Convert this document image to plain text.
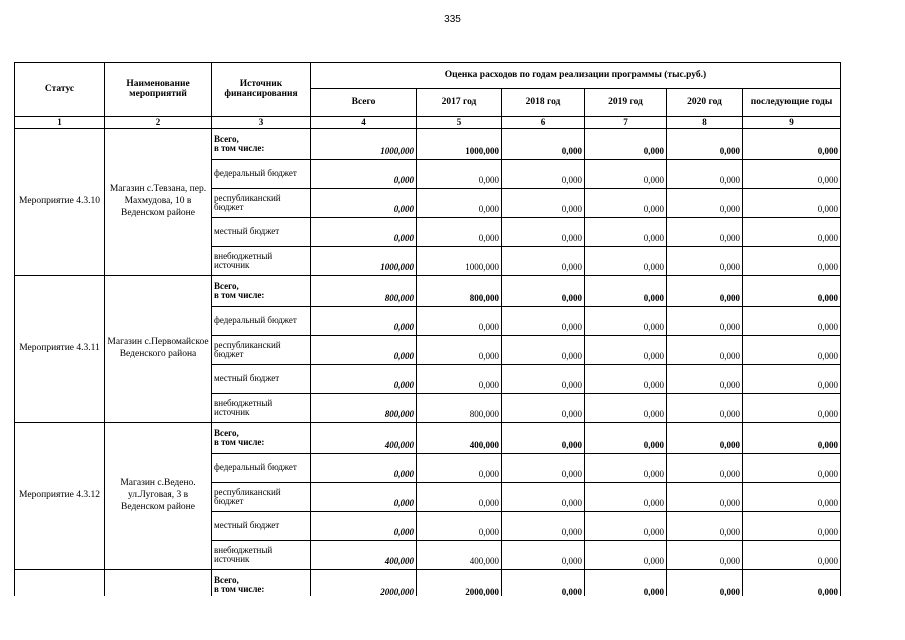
335
Статус	Наименование мероприятий	Источник финансирования	Оценка расходов по годам реализации программы (тыс.руб.)					
			Всего	2017 год	2018 год	2019 год	2020 год	последующие годы
1	2	3	4	5	6	7	8	9
Мероприятие 4.3.10	Магазин с.Тевзана, пер. Махмудова, 10 в Веденском районе	Всего,
в том числе:	1000,000	1000,000	0,000	0,000	0,000	0,000
		федеральный бюджет	0,000	0,000	0,000	0,000	0,000	0,000
		республиканский бюджет	0,000	0,000	0,000	0,000	0,000	0,000
		местный бюджет	0,000	0,000	0,000	0,000	0,000	0,000
		внебюджетный источник	1000,000	1000,000	0,000	0,000	0,000	0,000
Мероприятие 4.3.11	Магазин с.Первомайское Веденского района	Всего,
в том числе:	800,000	800,000	0,000	0,000	0,000	0,000
		федеральный бюджет	0,000	0,000	0,000	0,000	0,000	0,000
		республиканский бюджет	0,000	0,000	0,000	0,000	0,000	0,000
		местный бюджет	0,000	0,000	0,000	0,000	0,000	0,000
		внебюджетный источник	800,000	800,000	0,000	0,000	0,000	0,000
Мероприятие 4.3.12	Магазин с.Ведено. ул.Луговая, 3 в Веденском районе	Всего,
в том числе:	400,000	400,000	0,000	0,000	0,000	0,000
		федеральный бюджет	0,000	0,000	0,000	0,000	0,000	0,000
		республиканский бюджет	0,000	0,000	0,000	0,000	0,000	0,000
		местный бюджет	0,000	0,000	0,000	0,000	0,000	0,000
		внебюджетный источник	400,000	400,000	0,000	0,000	0,000	0,000

		Всего,
в том числе:	2000,000	2000,000	0,000	0,000	0,000	0,000
